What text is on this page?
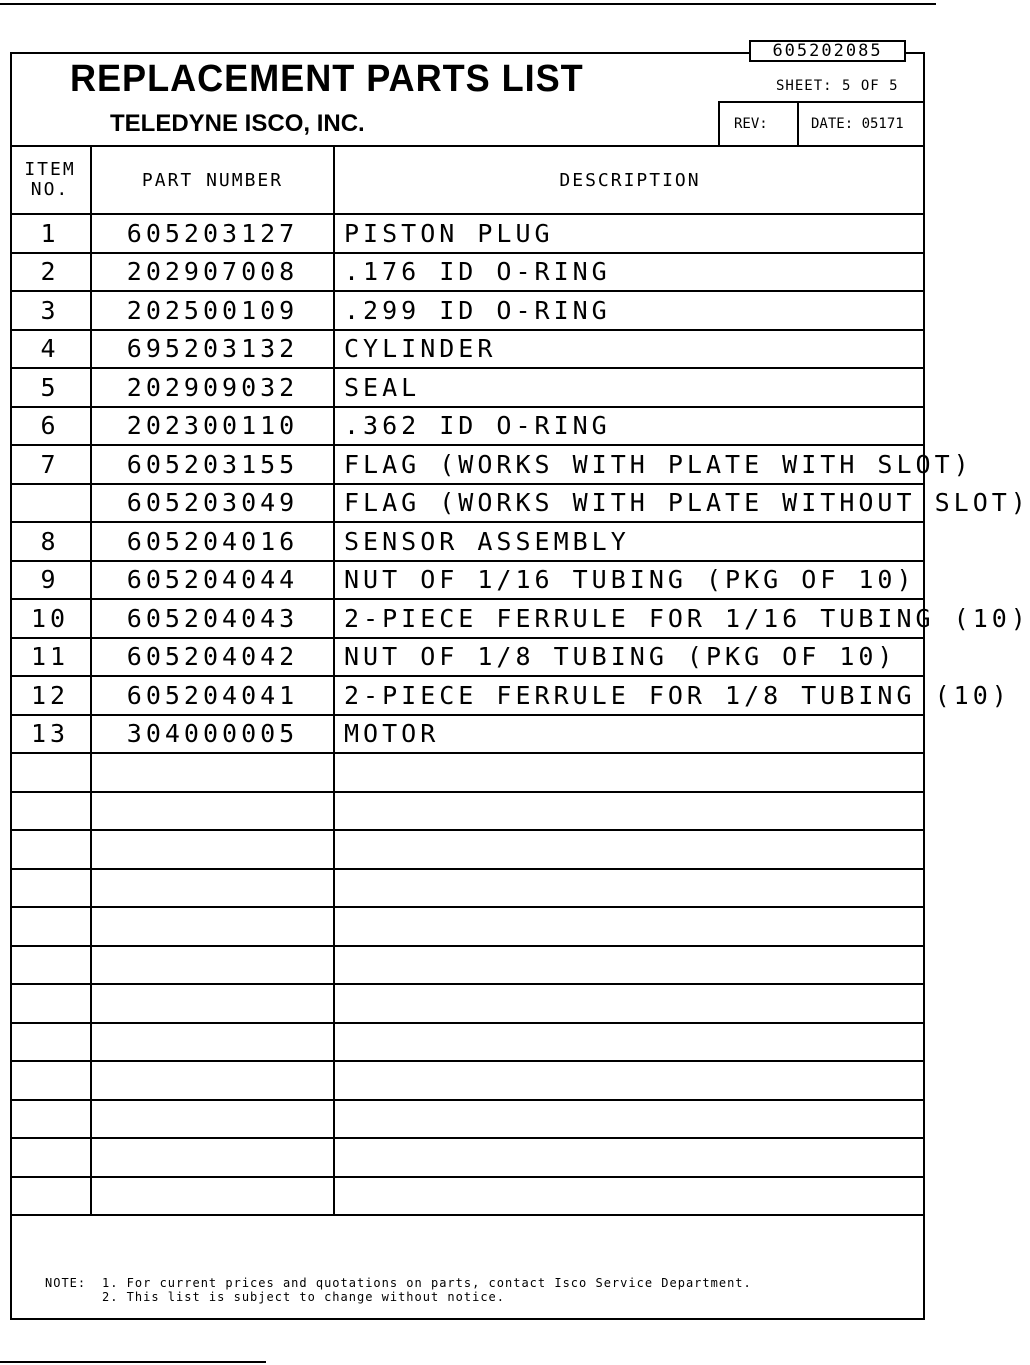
605202085
REPLACEMENT PARTS LIST
TELEDYNE ISCO, INC.
SHEET: 5 OF 5
REV:	DATE: 05171
ITEM
NO.	PART NUMBER	DESCRIPTION
1	605203127	PISTON PLUG
2	202907008	.176 ID O-RING
3	202500109	.299 ID O-RING
4	695203132	CYLINDER
5	202909032	SEAL
6	202300110	.362 ID O-RING
7	605203155	FLAG (WORKS WITH PLATE WITH SLOT)
	605203049	FLAG (WORKS WITH PLATE WITHOUT SLOT)
8	605204016	SENSOR ASSEMBLY
9	605204044	NUT OF 1/16 TUBING (PKG OF 10)
10	605204043	2-PIECE FERRULE FOR 1/16 TUBING (10)
11	605204042	NUT OF 1/8 TUBING (PKG OF 10)
12	605204041	2-PIECE FERRULE FOR 1/8 TUBING (10)
13	304000005	MOTOR

NOTE: 1. For current prices and quotations on parts, contact Isco Service Department.
2. This list is subject to change without notice.
